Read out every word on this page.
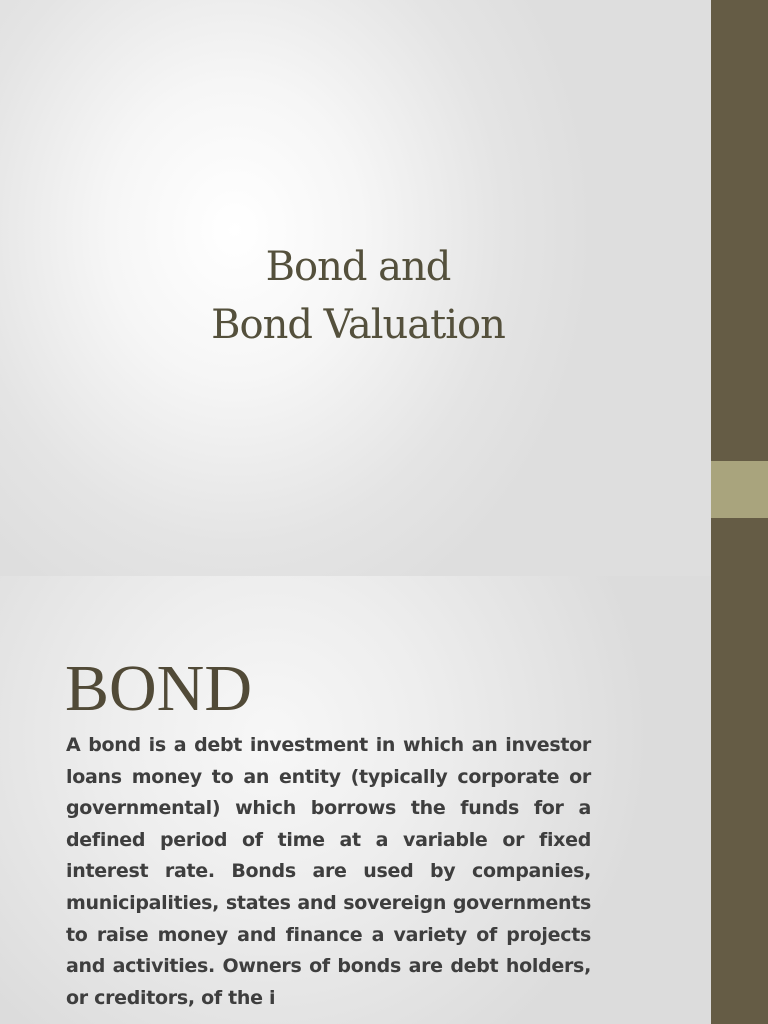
Bond and
Bond Valuation
BOND
A bond is a debt investment in which an investor loans money to an entity (typically corporate or governmental) which borrows the funds for a defined period of time at a variable or fixed interest rate. Bonds are used by companies, municipalities, states and sovereign governments to raise money and finance a variety of projects and activities. Owners of bonds are debt holders, or creditors, of the i
